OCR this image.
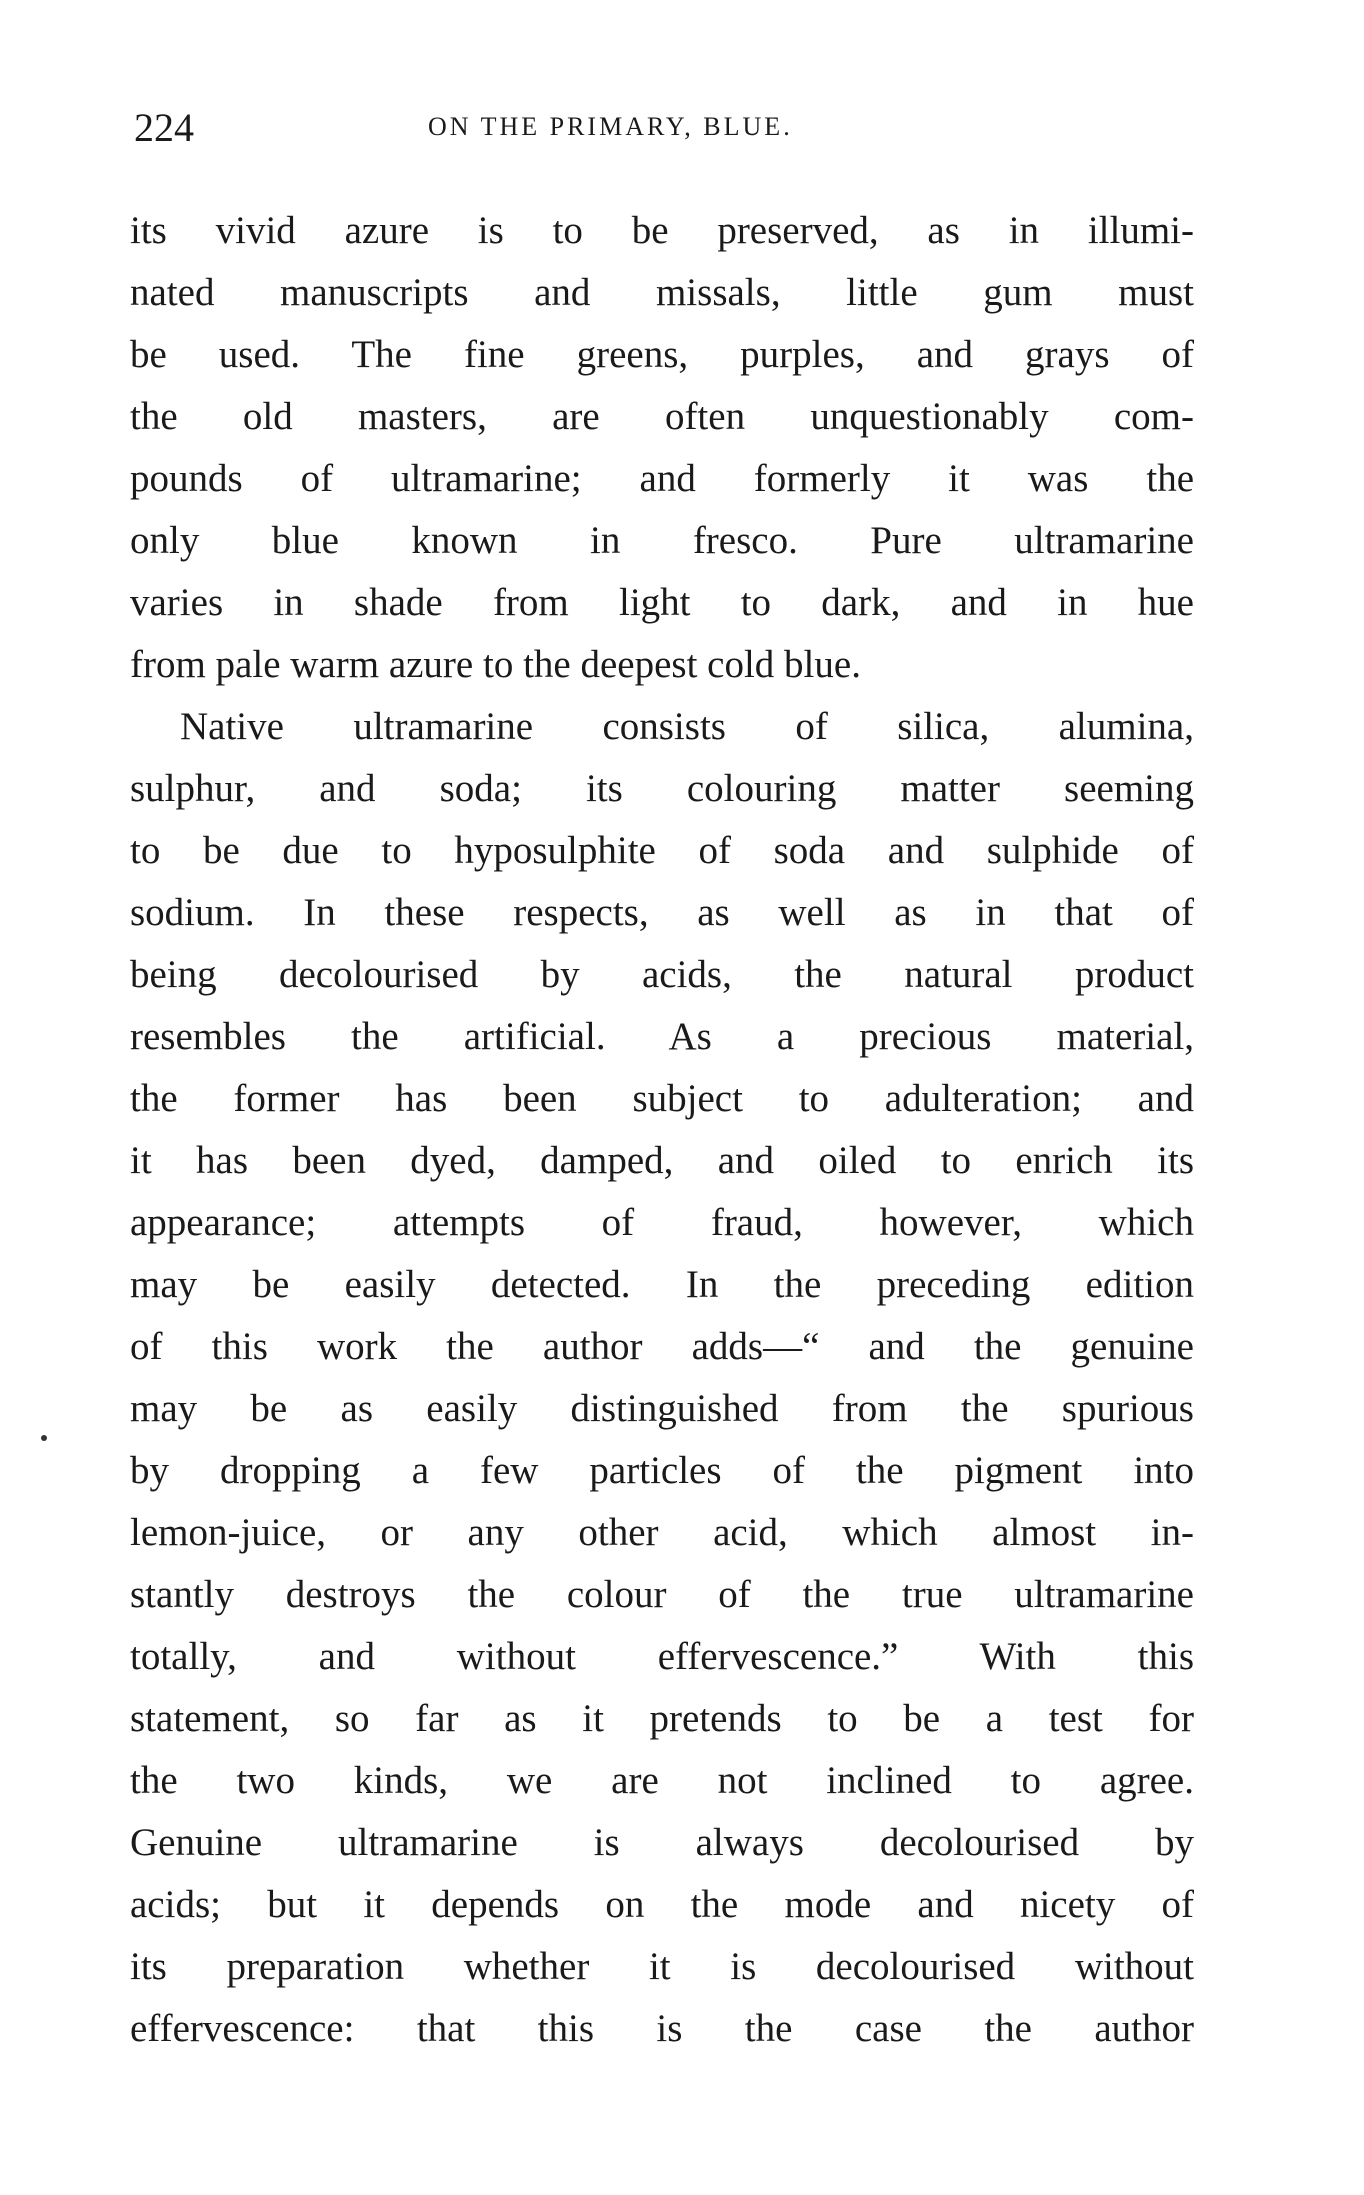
224	ON THE PRIMARY, BLUE.
its vivid azure is to be preserved, as in illumi-
nated manuscripts and missals, little gum must
be used. The fine greens, purples, and grays of
the old masters, are often unquestionably com-
pounds of ultramarine; and formerly it was the
only blue known in fresco. Pure ultramarine
varies in shade from light to dark, and in hue
from pale warm azure to the deepest cold blue.
Native ultramarine consists of silica, alumina,
sulphur, and soda; its colouring matter seeming
to be due to hyposulphite of soda and sulphide of
sodium. In these respects, as well as in that of
being decolourised by acids, the natural product
resembles the artificial. As a precious material,
the former has been subject to adulteration; and
it has been dyed, damped, and oiled to enrich its
appearance; attempts of fraud, however, which
may be easily detected. In the preceding edition
of this work the author adds—“ and the genuine
may be as easily distinguished from the spurious
by dropping a few particles of the pigment into
lemon-juice, or any other acid, which almost in-
stantly destroys the colour of the true ultramarine
totally, and without effervescence.” With this
statement, so far as it pretends to be a test for
the two kinds, we are not inclined to agree.
Genuine ultramarine is always decolourised by
acids; but it depends on the mode and nicety of
its preparation whether it is decolourised without
effervescence: that this is the case the author
